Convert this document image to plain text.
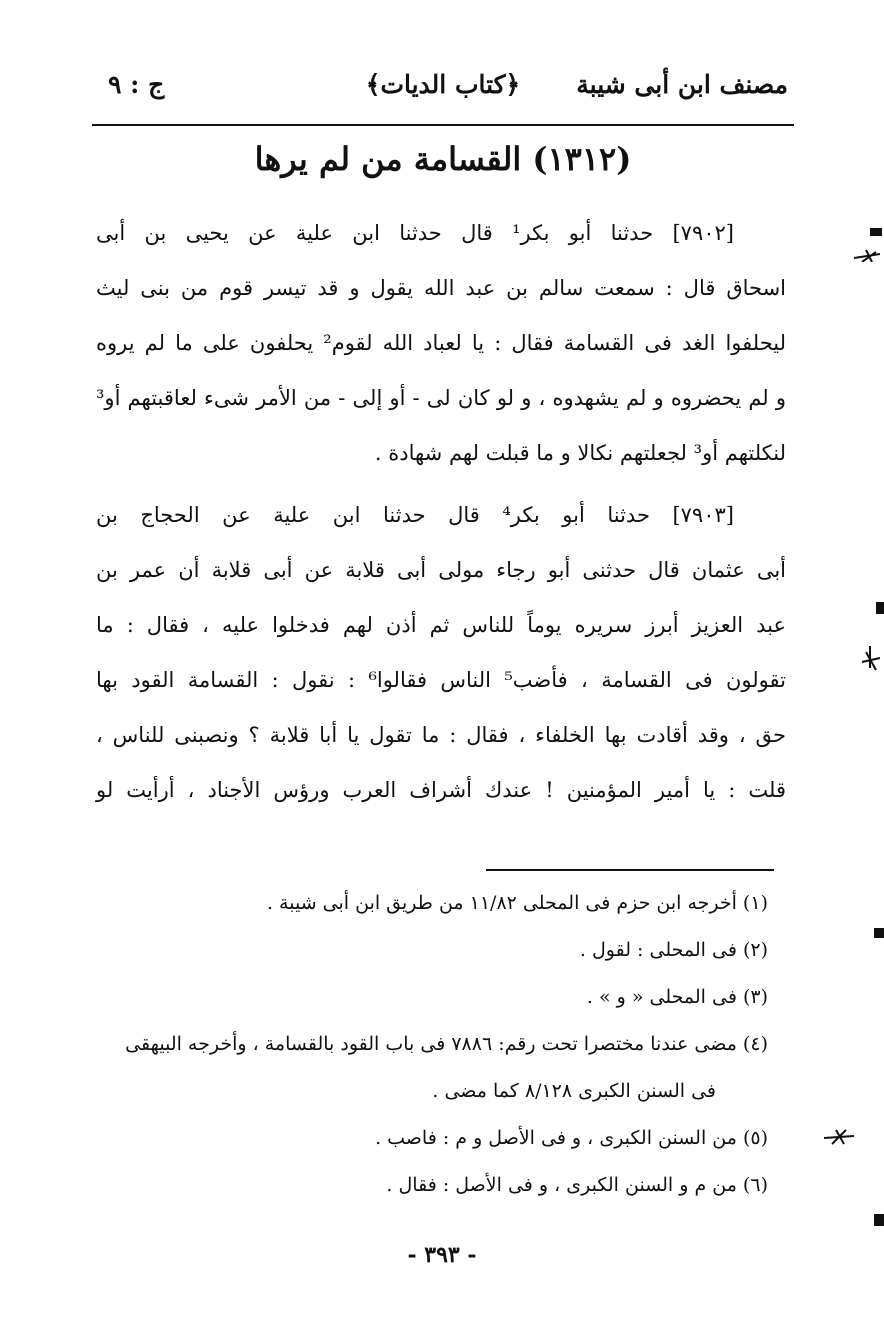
مصنف ابن أبى شيبة
﴿كتاب الديات﴾
ج : ٩
(١٣١٢) القسامة من لم يرها
[٧٩٠٢] حدثنا أبو بكر¹ قال حدثنا ابن علية عن يحيى بن أبى
اسحاق قال : سمعت سالم بن عبد الله يقول و قد تيسر قوم من بنى ليث
ليحلفوا الغد فى القسامة فقال : يا لعباد الله لقوم² يحلفون على ما لم يروه
و لم يحضروه و لم يشهدوه ، و لو كان لى - أو إلى - من الأمر شىء لعاقبتهم أو³
لنكلتهم أو³ لجعلتهم نكالا و ما قبلت لهم شهادة .
[٧٩٠٣] حدثنا أبو بكر⁴ قال حدثنا ابن علية عن الحجاج بن
أبى عثمان قال حدثنى أبو رجاء مولى أبى قلابة عن أبى قلابة أن عمر بن
عبد العزيز أبرز سريره يوماً للناس ثم أذن لهم فدخلوا عليه ، فقال : ما
تقولون فى القسامة ، فأضب⁵ الناس فقالوا⁶ : نقول : القسامة القود بها
حق ، وقد أقادت بها الخلفاء ، فقال : ما تقول يا أبا قلابة ؟ ونصبنى للناس ،
قلت : يا أمير المؤمنين ! عندك أشراف العرب ورؤس الأجناد ، أرأيت لو
(١) أخرجه ابن حزم فى المحلى ١١/٨٢ من طريق ابن أبى شيبة .
(٢) فى المحلى : لقول .
(٣) فى المحلى « و » .
(٤) مضى عندنا مختصرا تحت رقم: ٧٨٨٦ فى باب القود بالقسامة ، وأخرجه البيهقى
فى السنن الكبرى ٨/١٢٨ كما مضى .
(٥) من السنن الكبرى ، و فى الأصل و م : فاصب .
(٦) من م و السنن الكبرى ، و فى الأصل : فقال .
- ٣٩٣ -
